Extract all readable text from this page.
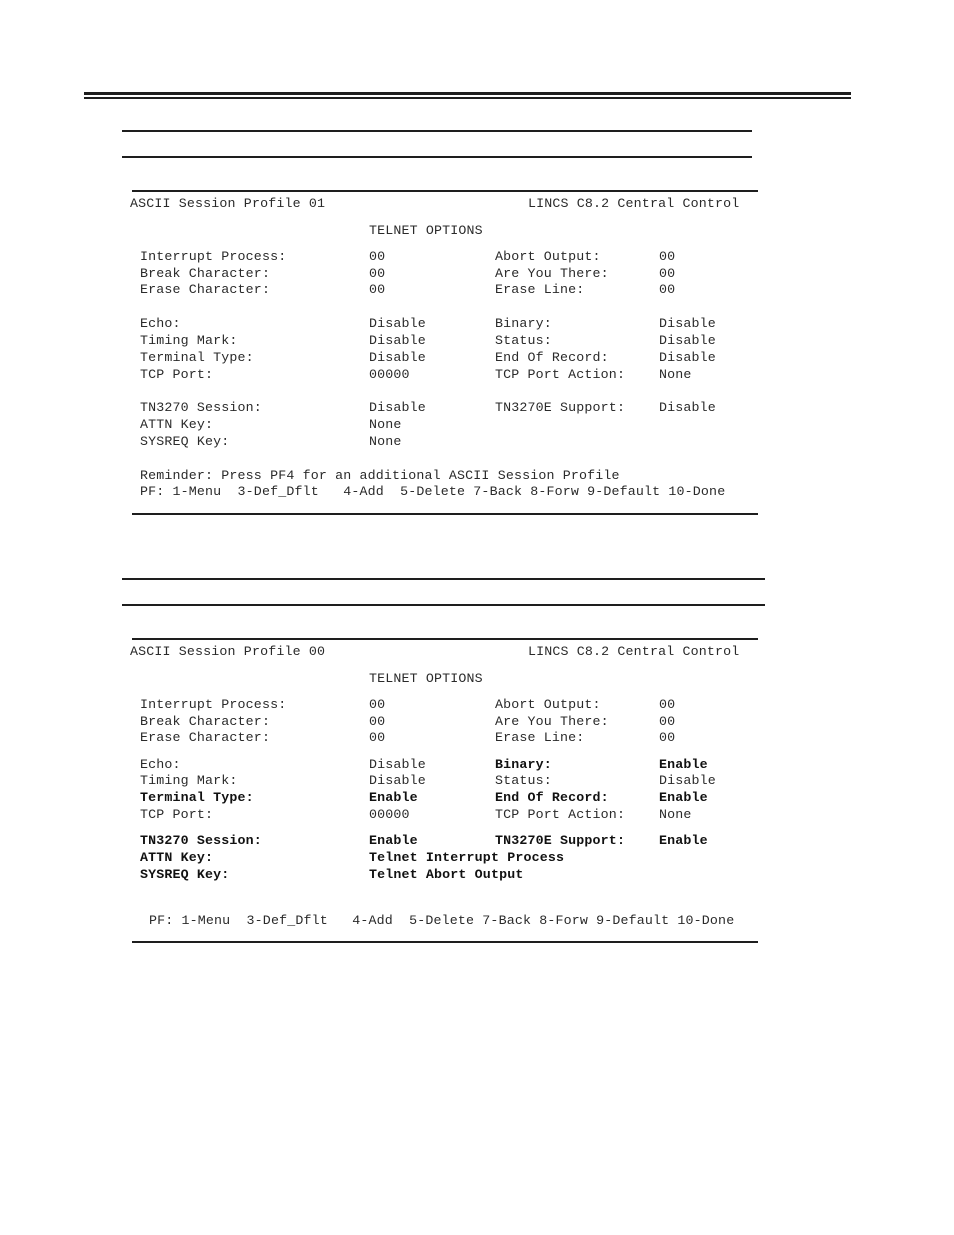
ASCII Session Profile 01	LINCS C8.2 Central Control
TELNET OPTIONS
Interrupt Process:	00	Abort Output:	00
Break Character:	00	Are You There:	00
Erase Character:	00	Erase Line:	00
Echo:	Disable	Binary:	Disable
Timing Mark:	Disable	Status:	Disable
Terminal Type:	Disable	End Of Record:	Disable
TCP Port:	00000	TCP Port Action:	None
TN3270 Session:	Disable	TN3270E Support:	Disable
ATTN Key:	None
SYSREQ Key:	None
Reminder: Press PF4 for an additional ASCII Session Profile
PF: 1-Menu  3-Def_Dflt   4-Add  5-Delete 7-Back 8-Forw 9-Default 10-Done
ASCII Session Profile 00	LINCS C8.2 Central Control
TELNET OPTIONS
Interrupt Process:	00	Abort Output:	00
Break Character:	00	Are You There:	00
Erase Character:	00	Erase Line:	00
Echo:	Disable	Binary:	Enable
Timing Mark:	Disable	Status:	Disable
Terminal Type:	Enable	End Of Record:	Enable
TCP Port:	00000	TCP Port Action:	None
TN3270 Session:	Enable	TN3270E Support:	Enable
ATTN Key:	Telnet Interrupt Process
SYSREQ Key:	Telnet Abort Output
PF: 1-Menu  3-Def_Dflt   4-Add  5-Delete 7-Back 8-Forw 9-Default 10-Done
